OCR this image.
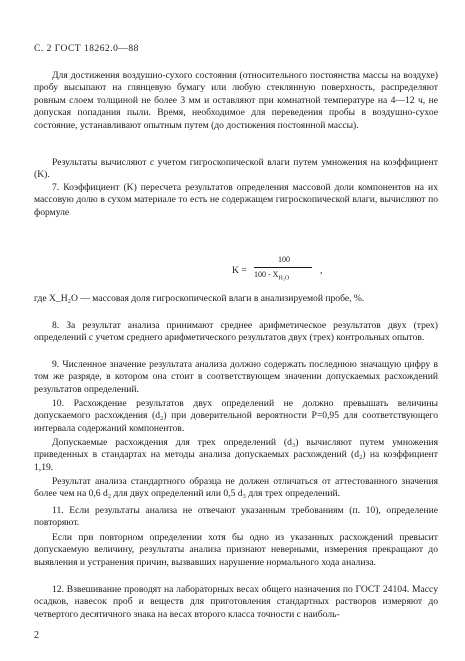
С. 2 ГОСТ 18262.0—88
Для достижения воздушно-сухого состояния (относительного постоянства массы на воздухе) пробу высыпают на глянцевую бумагу или любую стеклянную поверхность, распределяют ровным слоем толщиной не более 3 мм и оставляют при комнатной температуре на 4—12 ч, не допуская попадания пыли. Время, необходимое для переведения пробы в воздушно-сухое состояние, устанавливают опытным путем (до достижения постоянной массы).
Результаты вычисляют с учетом гигроскопической влаги путем умножения на коэффициент (K).
7. Коэффициент (K) пересчета результатов определения массовой доли компонентов на их массовую долю в сухом материале то есть не содержащем гигроскопической влаги, вычисляют по формуле
K =
100
$100 - X_{H_2O}$
,
где X_H₂O — массовая доля гигроскопической влаги в анализируемой пробе, %.
8. За результат анализа принимают среднее арифметическое результатов двух (трех) определений с учетом среднего арифметического результатов двух (трех) контрольных опытов.
9. Численное значение результата анализа должно содержать последнюю значащую цифру в том же разряде, в котором она стоит в соответствующем значении допускаемых расхождений результатов определений.
10. Расхождение результатов двух определений не должно превышать величины допускаемого расхождения (d₂) при доверительной вероятности P=0,95 для соответствующего интервала содержаний компонентов.
Допускаемые расхождения для трех определений (d₃) вычисляют путем умножения приведенных в стандартах на методы анализа допускаемых расхождений (d₂) на коэффициент 1,19.
Результат анализа стандартного образца не должен отличаться от аттестованного значения более чем на 0,6 d₂ для двух определений или 0,5 d₃ для трех определений.
11. Если результаты анализа не отвечают указанным требованиям (п. 10), определение повторяют.
Если при повторном определении хотя бы одно из указанных расхождений превысит допускаемую величину, результаты анализа признают неверными, измерения прекращают до выявления и устранения причин, вызвавших нарушение нормального хода анализа.
12. Взвешивание проводят на лабораторных весах общего назначения по ГОСТ 24104. Массу осадков, навесок проб и веществ для приготовления стандартных растворов измеряют до четвертого десятичного знака на весах второго класса точности с наиболь-
2
